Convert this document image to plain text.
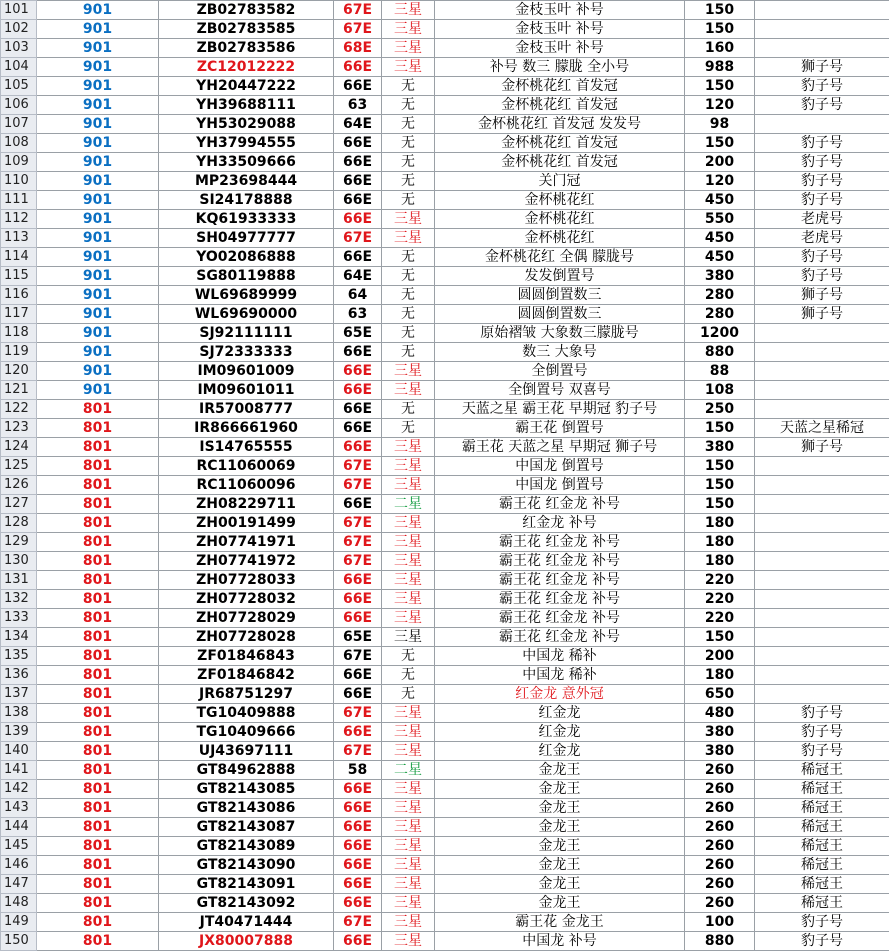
101	901	ZB02783582	67E	三星	金枝玉叶 补号	150	
102	901	ZB02783585	67E	三星	金枝玉叶 补号	150	
103	901	ZB02783586	68E	三星	金枝玉叶 补号	160	
104	901	ZC12012222	66E	三星	补号 数三 朦胧 全小号	988	狮子号
105	901	YH20447222	66E	无	金杯桃花红 首发冠	150	豹子号
106	901	YH39688111	63	无	金杯桃花红 首发冠	120	豹子号
107	901	YH53029088	64E	无	金杯桃花红 首发冠 发发号	98	
108	901	YH37994555	66E	无	金杯桃花红 首发冠	150	豹子号
109	901	YH33509666	66E	无	金杯桃花红 首发冠	200	豹子号
110	901	MP23698444	66E	无	关门冠	120	豹子号
111	901	SI24178888	66E	无	金杯桃花红	450	豹子号
112	901	KQ61933333	66E	三星	金杯桃花红	550	老虎号
113	901	SH04977777	67E	三星	金杯桃花红	450	老虎号
114	901	YO02086888	66E	无	金杯桃花红 全偶 朦胧号	450	豹子号
115	901	SG80119888	64E	无	发发倒置号	380	豹子号
116	901	WL69689999	64	无	圆圆倒置数三	280	狮子号
117	901	WL69690000	63	无	圆圆倒置数三	280	狮子号
118	901	SJ92111111	65E	无	原始褶皱 大象数三朦胧号	1200	
119	901	SJ72333333	66E	无	数三 大象号	880	
120	901	IM09601009	66E	三星	全倒置号	88	
121	901	IM09601011	66E	三星	全倒置号 双喜号	108	
122	801	IR57008777	66E	无	天蓝之星 霸王花 早期冠 豹子号	250	
123	801	IR866661960	66E	无	霸王花 倒置号	150	天蓝之星稀冠
124	801	IS14765555	66E	三星	霸王花 天蓝之星 早期冠 狮子号	380	狮子号
125	801	RC11060069	67E	三星	中国龙 倒置号	150	
126	801	RC11060096	67E	三星	中国龙 倒置号	150	
127	801	ZH08229711	66E	二星	霸王花 红金龙 补号	150	
128	801	ZH00191499	67E	三星	红金龙 补号	180	
129	801	ZH07741971	67E	三星	霸王花 红金龙 补号	180	
130	801	ZH07741972	67E	三星	霸王花 红金龙 补号	180	
131	801	ZH07728033	66E	三星	霸王花 红金龙 补号	220	
132	801	ZH07728032	66E	三星	霸王花 红金龙 补号	220	
133	801	ZH07728029	66E	三星	霸王花 红金龙 补号	220	
134	801	ZH07728028	65E	三星	霸王花 红金龙 补号	150	
135	801	ZF01846843	67E	无	中国龙 稀补	200	
136	801	ZF01846842	66E	无	中国龙 稀补	180	
137	801	JR68751297	66E	无	红金龙 意外冠	650	
138	801	TG10409888	67E	三星	红金龙	480	豹子号
139	801	TG10409666	66E	三星	红金龙	380	豹子号
140	801	UJ43697111	67E	三星	红金龙	380	豹子号
141	801	GT84962888	58	二星	金龙王	260	稀冠王
142	801	GT82143085	66E	三星	金龙王	260	稀冠王
143	801	GT82143086	66E	三星	金龙王	260	稀冠王
144	801	GT82143087	66E	三星	金龙王	260	稀冠王
145	801	GT82143089	66E	三星	金龙王	260	稀冠王
146	801	GT82143090	66E	三星	金龙王	260	稀冠王
147	801	GT82143091	66E	三星	金龙王	260	稀冠王
148	801	GT82143092	66E	三星	金龙王	260	稀冠王
149	801	JT40471444	67E	三星	霸王花 金龙王	100	豹子号
150	801	JX80007888	66E	三星	中国龙 补号	880	豹子号
